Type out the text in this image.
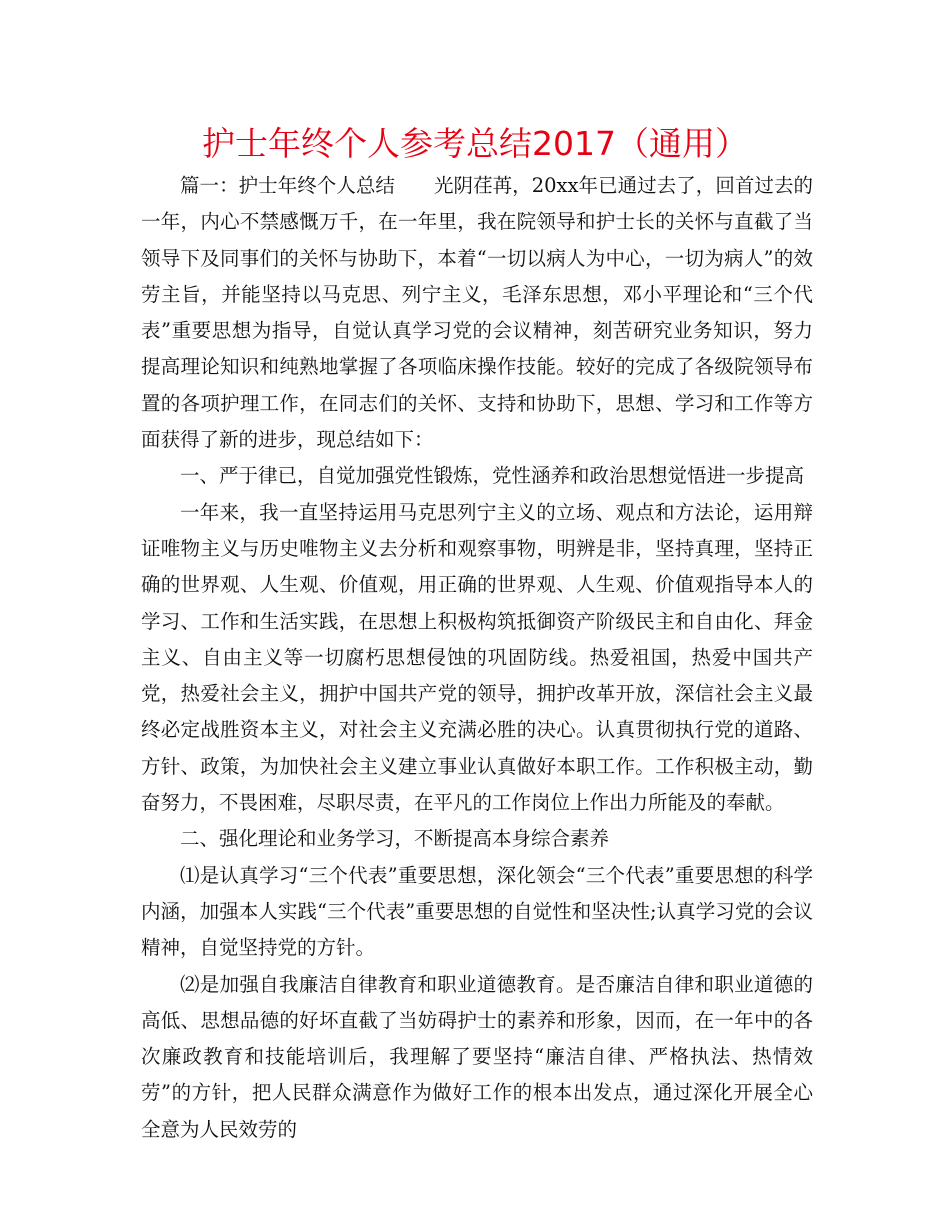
护士年终个人参考总结2017（通用）

篇一：护士年终个人总结 光阴荏苒，20xx年已通过去了，回首过去的一年，内心不禁感慨万千，在一年里，我在院领导和护士长的关怀与直截了当领导下及同事们的关怀与协助下，本着“一切以病人为中心，一切为病人”的效劳主旨，并能坚持以马克思、列宁主义，毛泽东思想，邓小平理论和“三个代表”重要思想为指导，自觉认真学习党的会议精神，刻苦研究业务知识，努力提高理论知识和纯熟地掌握了各项临床操作技能。较好的完成了各级院领导布置的各项护理工作，在同志们的关怀、支持和协助下，思想、学习和工作等方面获得了新的进步，现总结如下：

一、严于律已，自觉加强党性锻炼，党性涵养和政治思想觉悟进一步提高

一年来，我一直坚持运用马克思列宁主义的立场、观点和方法论，运用辩证唯物主义与历史唯物主义去分析和观察事物，明辨是非，坚持真理，坚持正确的世界观、人生观、价值观，用正确的世界观、人生观、价值观指导本人的学习、工作和生活实践，在思想上积极构筑抵御资产阶级民主和自由化、拜金主义、自由主义等一切腐朽思想侵蚀的巩固防线。热爱祖国，热爱中国共产党，热爱社会主义，拥护中国共产党的领导，拥护改革开放，深信社会主义最终必定战胜资本主义，对社会主义充满必胜的决心。认真贯彻执行党的道路、方针、政策，为加快社会主义建立事业认真做好本职工作。工作积极主动，勤奋努力，不畏困难，尽职尽责，在平凡的工作岗位上作出力所能及的奉献。

二、强化理论和业务学习，不断提高本身综合素养

⑴是认真学习“三个代表”重要思想，深化领会“三个代表”重要思想的科学内涵，加强本人实践“三个代表”重要思想的自觉性和坚决性;认真学习党的会议精神，自觉坚持党的方针。

⑵是加强自我廉洁自律教育和职业道德教育。是否廉洁自律和职业道德的高低、思想品德的好坏直截了当妨碍护士的素养和形象，因而，在一年中的各次廉政教育和技能培训后，我理解了要坚持“廉洁自律、严格执法、热情效劳”的方针，把人民群众满意作为做好工作的根本出发点，通过深化开展全心全意为人民效劳的
